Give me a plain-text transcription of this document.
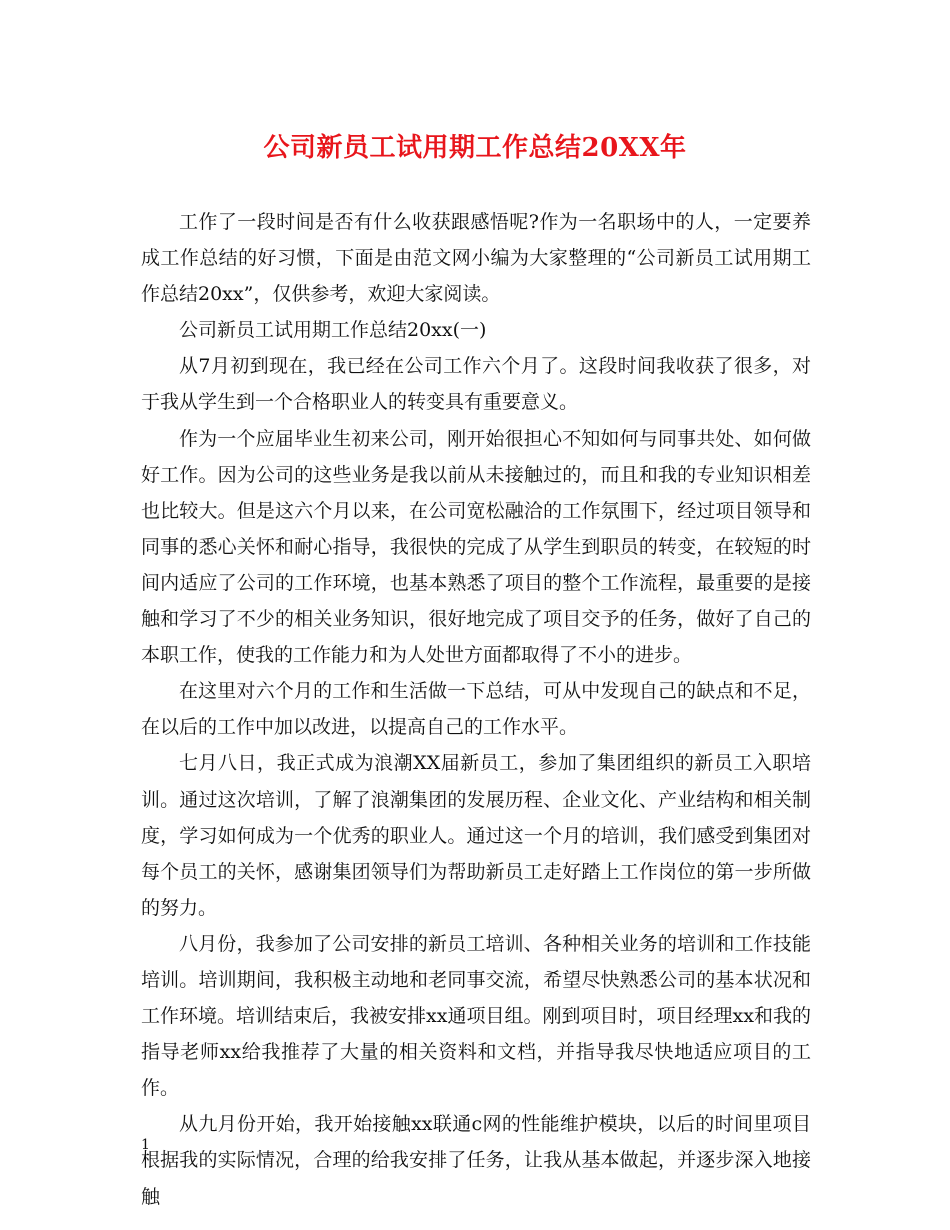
公司新员工试用期工作总结20XX年

工作了一段时间是否有什么收获跟感悟呢?作为一名职场中的人，一定要养成工作总结的好习惯，下面是由范文网小编为大家整理的“公司新员工试用期工作总结20xx”，仅供参考，欢迎大家阅读。

公司新员工试用期工作总结20xx(一)

从7月初到现在，我已经在公司工作六个月了。这段时间我收获了很多，对于我从学生到一个合格职业人的转变具有重要意义。

作为一个应届毕业生初来公司，刚开始很担心不知如何与同事共处、如何做好工作。因为公司的这些业务是我以前从未接触过的，而且和我的专业知识相差也比较大。但是这六个月以来，在公司宽松融洽的工作氛围下，经过项目领导和同事的悉心关怀和耐心指导，我很快的完成了从学生到职员的转变，在较短的时间内适应了公司的工作环境，也基本熟悉了项目的整个工作流程，最重要的是接触和学习了不少的相关业务知识，很好地完成了项目交予的任务，做好了自己的本职工作，使我的工作能力和为人处世方面都取得了不小的进步。

在这里对六个月的工作和生活做一下总结，可从中发现自己的缺点和不足，在以后的工作中加以改进，以提高自己的工作水平。

七月八日，我正式成为浪潮XX届新员工，参加了集团组织的新员工入职培训。通过这次培训，了解了浪潮集团的发展历程、企业文化、产业结构和相关制度，学习如何成为一个优秀的职业人。通过这一个月的培训，我们感受到集团对每个员工的关怀，感谢集团领导们为帮助新员工走好踏上工作岗位的第一步所做的努力。

八月份，我参加了公司安排的新员工培训、各种相关业务的培训和工作技能培训。培训期间，我积极主动地和老同事交流，希望尽快熟悉公司的基本状况和工作环境。培训结束后，我被安排xx通项目组。刚到项目时，项目经理xx和我的指导老师xx给我推荐了大量的相关资料和文档，并指导我尽快地适应项目的工作。

从九月份开始，我开始接触xx联通c网的性能维护模块，以后的时间里项目根据我的实际情况，合理的给我安排了任务，让我从基本做起，并逐步深入地接触

1
